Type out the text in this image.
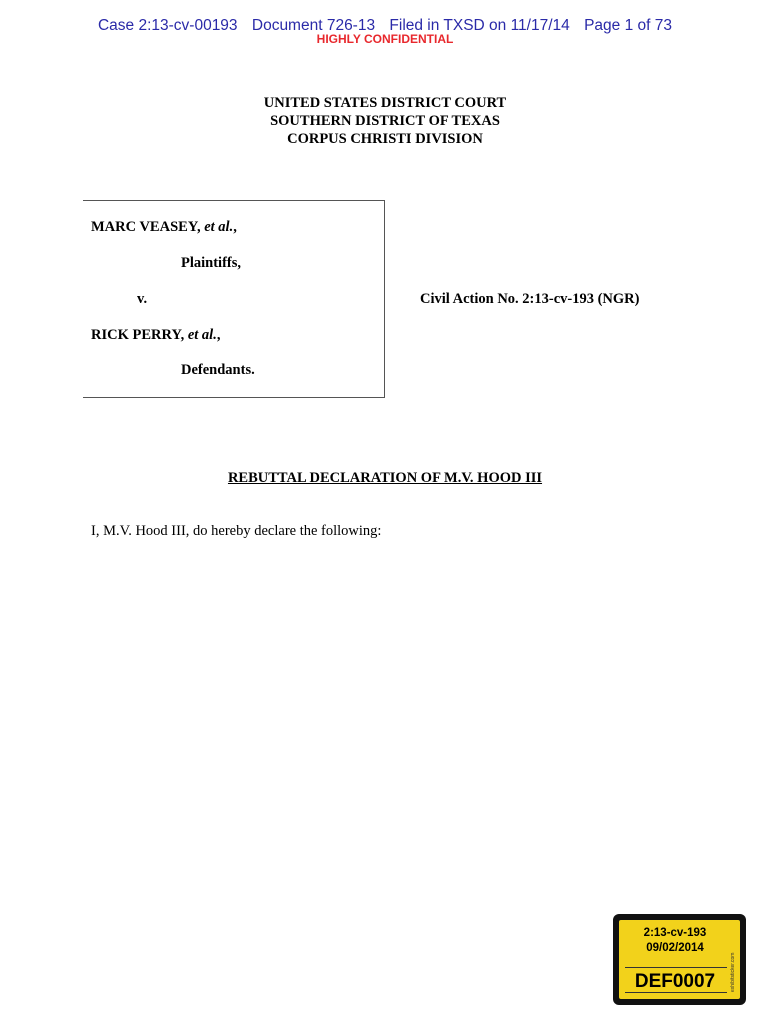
Case 2:13-cv-00193 Document 726-13 Filed in TXSD on 11/17/14 Page 1 of 73
HIGHLY CONFIDENTIAL
UNITED STATES DISTRICT COURT
SOUTHERN DISTRICT OF TEXAS
CORPUS CHRISTI DIVISION
MARC VEASEY, et al.,
Plaintiffs,
v.
RICK PERRY, et al.,
Defendants.
Civil Action No. 2:13-cv-193 (NGR)
REBUTTAL DECLARATION OF M.V. HOOD III
I, M.V. Hood III, do hereby declare the following:
2:13-cv-193
09/02/2014
DEF0007	exhibitsticker.com
